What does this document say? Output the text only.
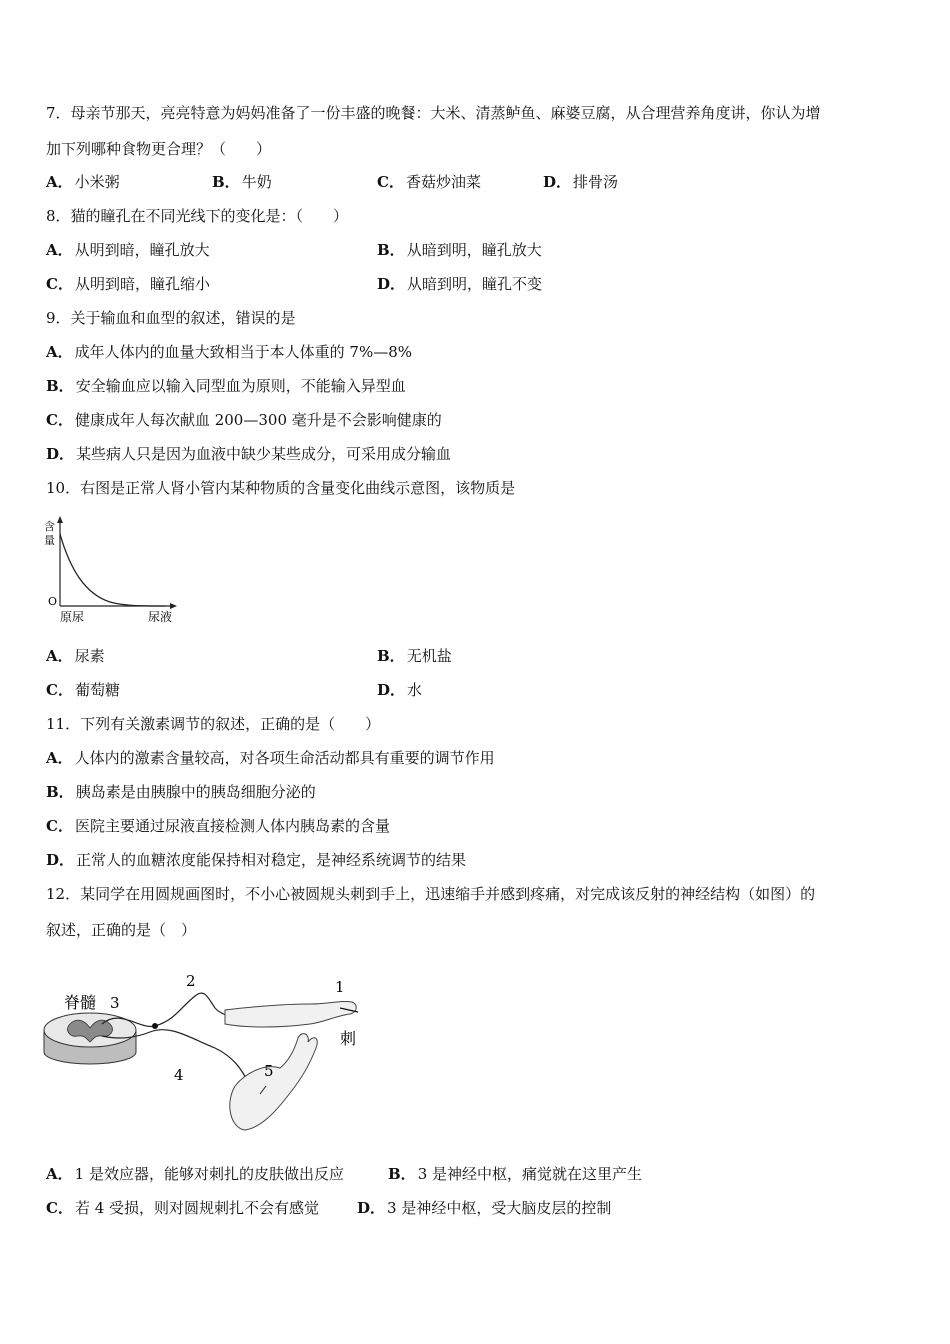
7．母亲节那天，亮亮特意为妈妈准备了一份丰盛的晚餐：大米、清蒸鲈鱼、麻婆豆腐，从合理营养角度讲，你认为增
加下列哪种食物更合理？（　　）
A． 小米粥	B． 牛奶	C． 香菇炒油菜	D． 排骨汤
8．猫的瞳孔在不同光线下的变化是：（　　）
A． 从明到暗，瞳孔放大	B． 从暗到明，瞳孔放大
C． 从明到暗，瞳孔缩小	D． 从暗到明，瞳孔不变
9．关于输血和血型的叙述，错误的是
A． 成年人体内的血量大致相当于本人体重的 7%—8%
B． 安全输血应以输入同型血为原则，不能输入异型血
C． 健康成年人每次献血 200—300 毫升是不会影响健康的
D． 某些病人只是因为血液中缺少某些成分，可采用成分输血
10．右图是正常人肾小管内某种物质的含量变化曲线示意图，该物质是
含
量
O
原尿	尿液
A． 尿素	B． 无机盐
C． 葡萄糖	D． 水
11．下列有关激素调节的叙述，正确的是（　　）
A． 人体内的激素含量较高，对各项生命活动都具有重要的调节作用
B． 胰岛素是由胰腺中的胰岛细胞分泌的
C． 医院主要通过尿液直接检测人体内胰岛素的含量
D． 正常人的血糖浓度能保持相对稳定，是神经系统调节的结果
12．某同学在用圆规画图时，不小心被圆规头刺到手上，迅速缩手并感到疼痛，对完成该反射的神经结构（如图）的
叙述，正确的是（　）
脊髓 3
2	1
刺
4	5
A． 1 是效应器，能够对刺扎的皮肤做出反应	B． 3 是神经中枢，痛觉就在这里产生
C． 若 4 受损，则对圆规刺扎不会有感觉	D． 3 是神经中枢，受大脑皮层的控制
